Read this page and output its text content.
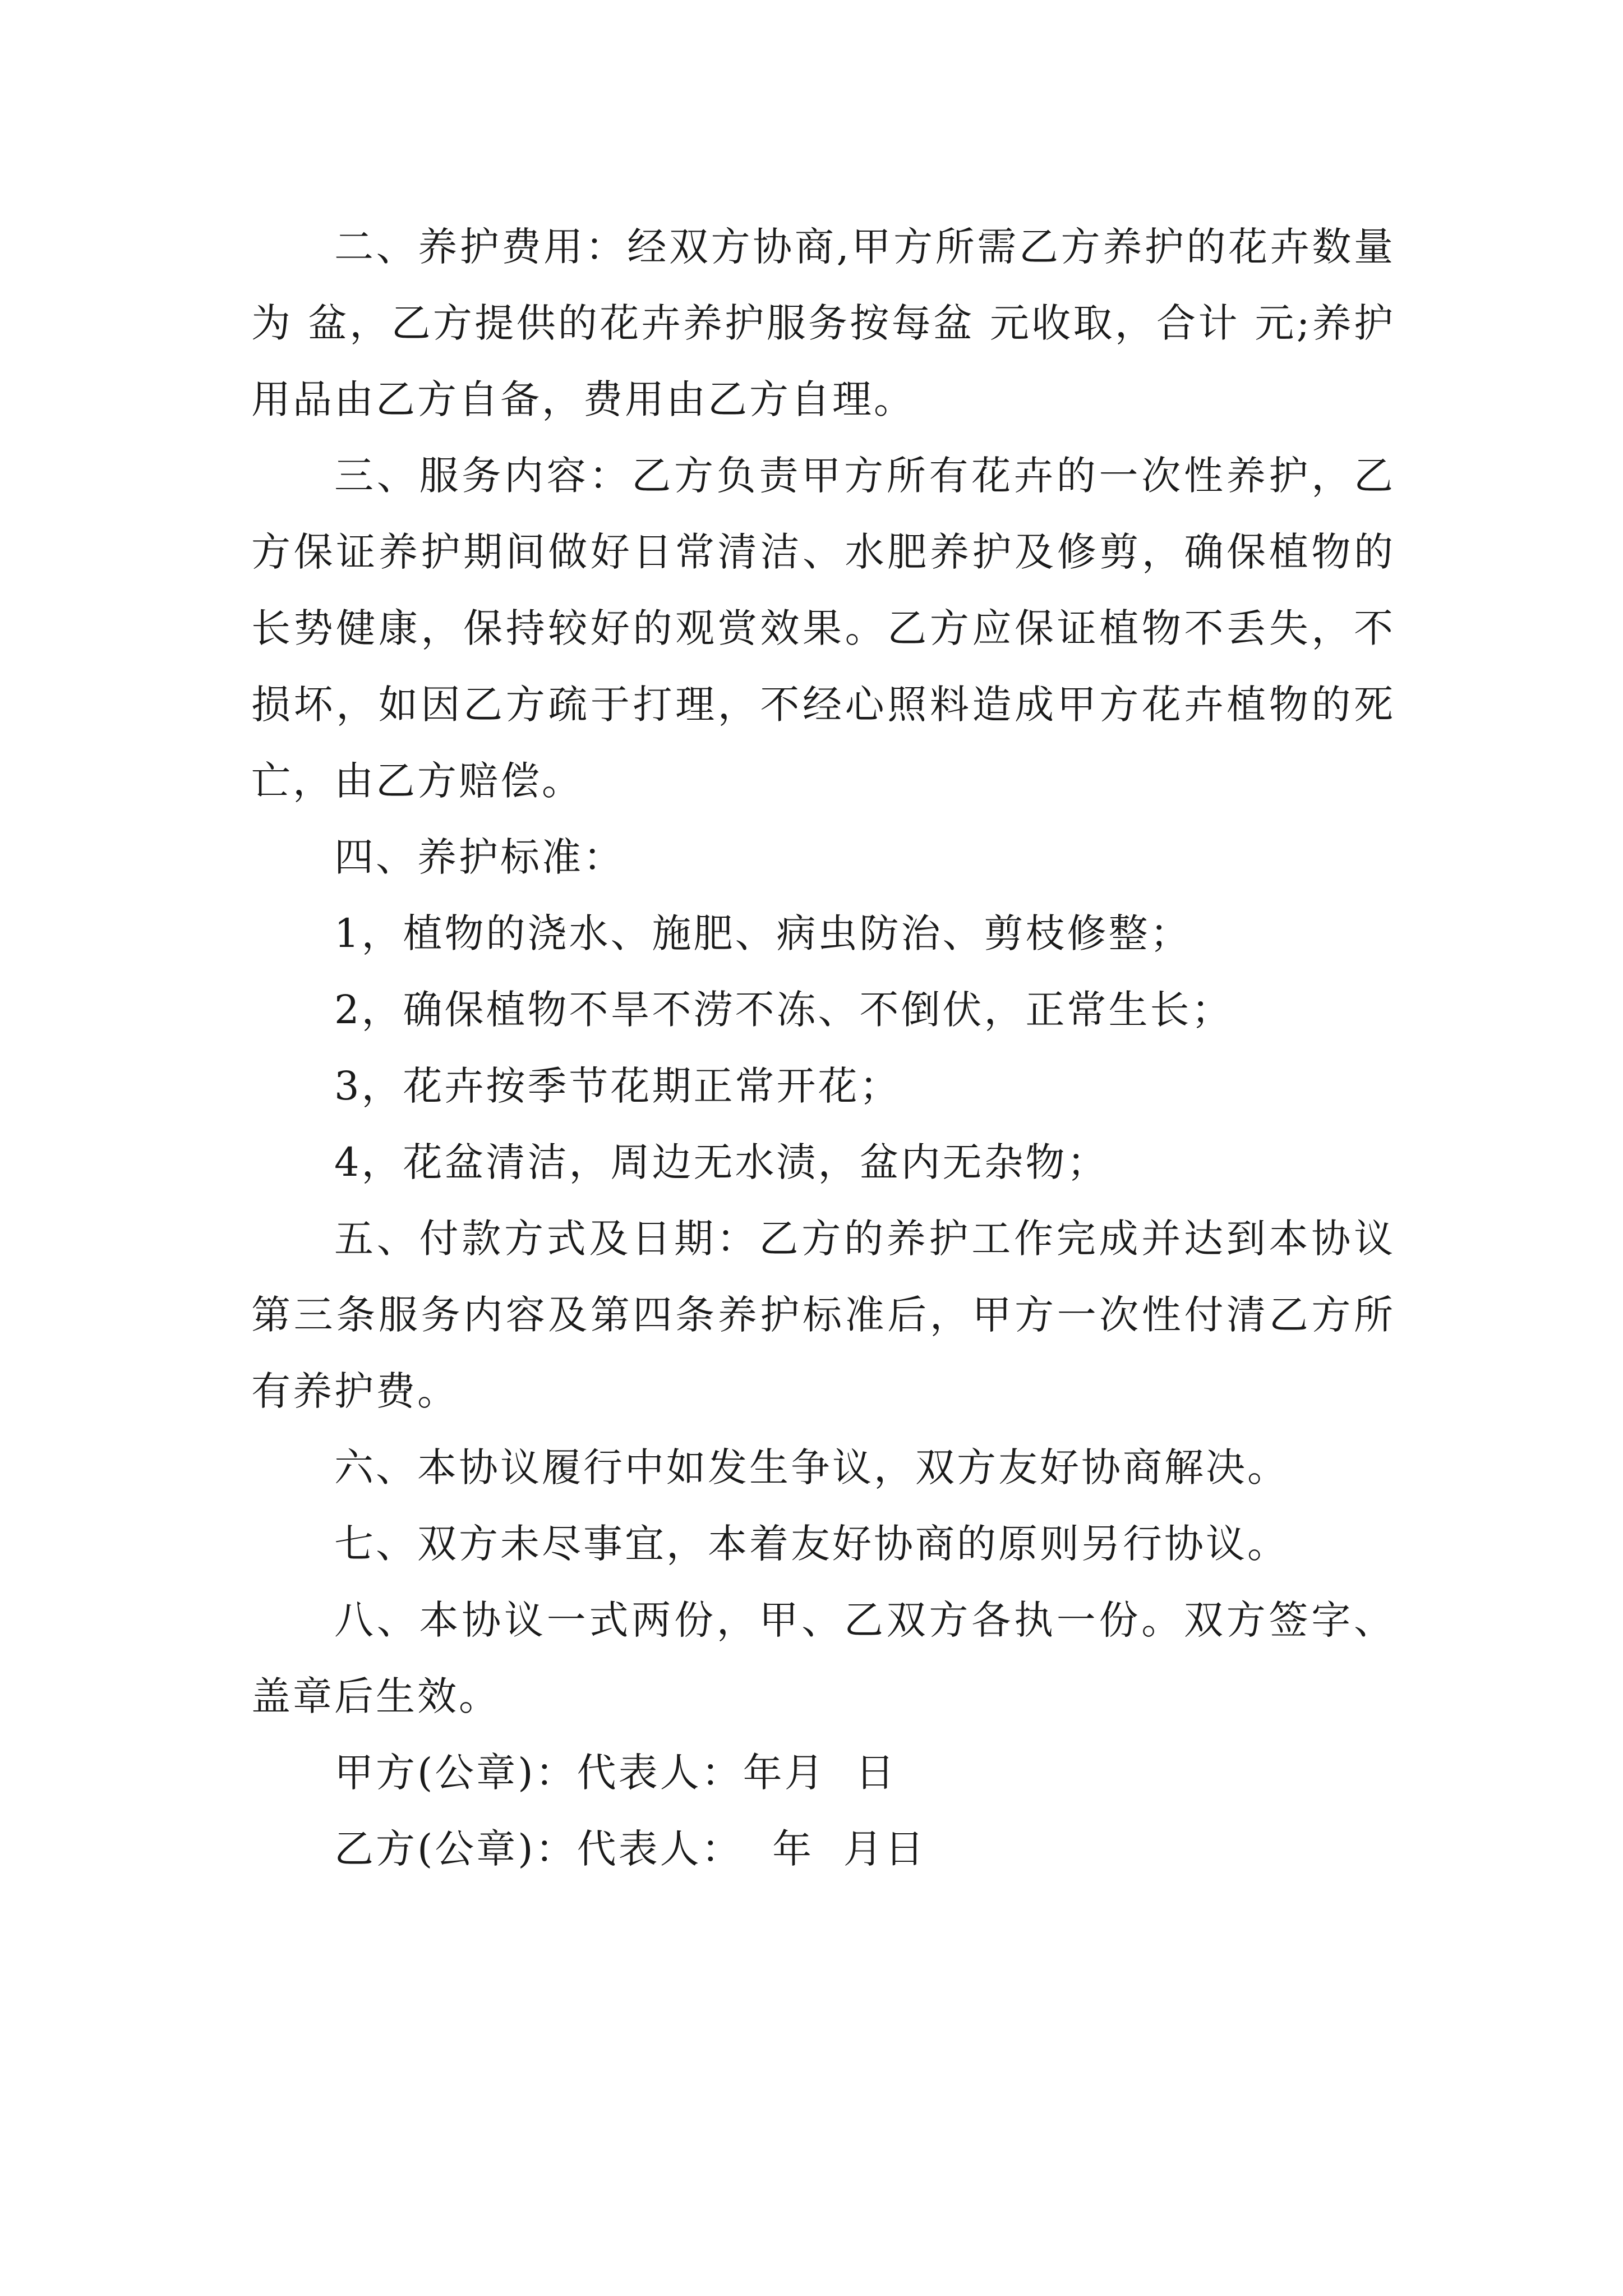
二、养护费用：经双方协商,甲方所需乙方养护的花卉数量为 盆，乙方提供的花卉养护服务按每盆 元收取，合计 元;养护用品由乙方自备，费用由乙方自理。

三、服务内容：乙方负责甲方所有花卉的一次性养护，乙方保证养护期间做好日常清洁、水肥养护及修剪，确保植物的长势健康，保持较好的观赏效果。乙方应保证植物不丢失，不损坏，如因乙方疏于打理，不经心照料造成甲方花卉植物的死亡，由乙方赔偿。

四、养护标准：

1，植物的浇水、施肥、病虫防治、剪枝修整；

2，确保植物不旱不涝不冻、不倒伏，正常生长；

3，花卉按季节花期正常开花；

4，花盆清洁，周边无水渍，盆内无杂物；

五、付款方式及日期：乙方的养护工作完成并达到本协议第三条服务内容及第四条养护标准后，甲方一次性付清乙方所有养护费。

六、本协议履行中如发生争议，双方友好协商解决。

七、双方未尽事宜，本着友好协商的原则另行协议。

八、本协议一式两份，甲、乙双方各执一份。双方签字、盖章后生效。

甲方(公章)：代表人：年月  日

乙方(公章)：代表人：  年  月日
